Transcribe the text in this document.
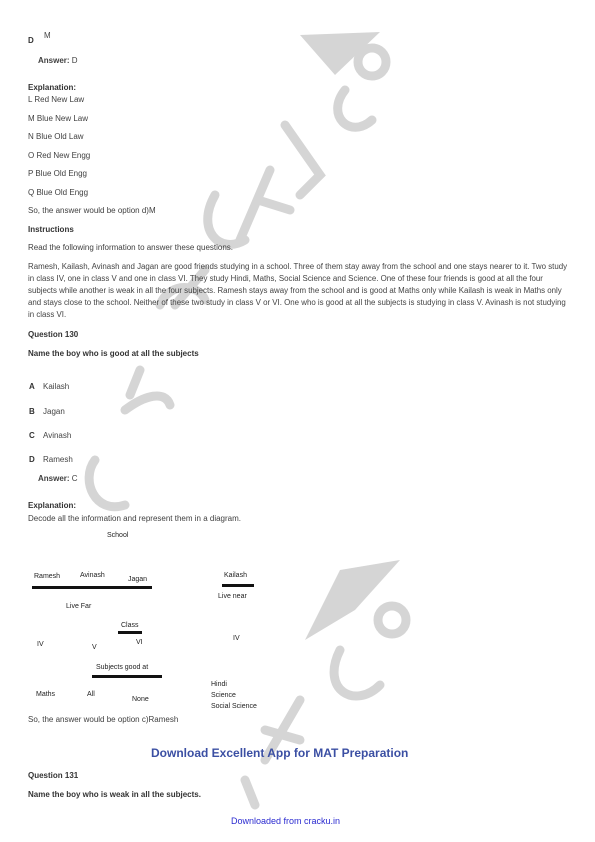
D
M
Answer: D
Explanation:
L Red New Law
M Blue New Law
N Blue Old Law
O Red New Engg
P Blue Old Engg
Q Blue Old Engg
So, the answer would be option d)M
Instructions
Read the following information to answer these questions.
Ramesh, Kailash, Avinash and Jagan are good friends studying in a school. Three of them stay away from the school and one stays nearer to it. Two study in class IV, one in class V and one in class VI. They study Hindi, Maths, Social Science and Science. One of these four friends is good at all the four subjects while another is weak in all the four subjects. Ramesh stays away from the school and is good at Maths only while Kailash is weak in Maths only and stays close to the school. Neither of these two study in class V or VI. One who is good at all the subjects is studying in class V. Avinash is not studying in class VI.
Question 130
Name the boy who is good at all the subjects
A Kailash
B Jagan
C Avinash
D Ramesh
Answer: C
Explanation:
Decode all the information and represent them in a diagram.
School
Ramesh	Avinash
Jagan
Live Far
Kailash
Live near
Class
IV	V
VI
IV
Subjects good at
Maths	All
None
Hindi
Science
Social Science
So, the answer would be option c)Ramesh
Download Excellent App for MAT Preparation
Question 131
Name the boy who is weak in all the subjects.
Downloaded from cracku.in
